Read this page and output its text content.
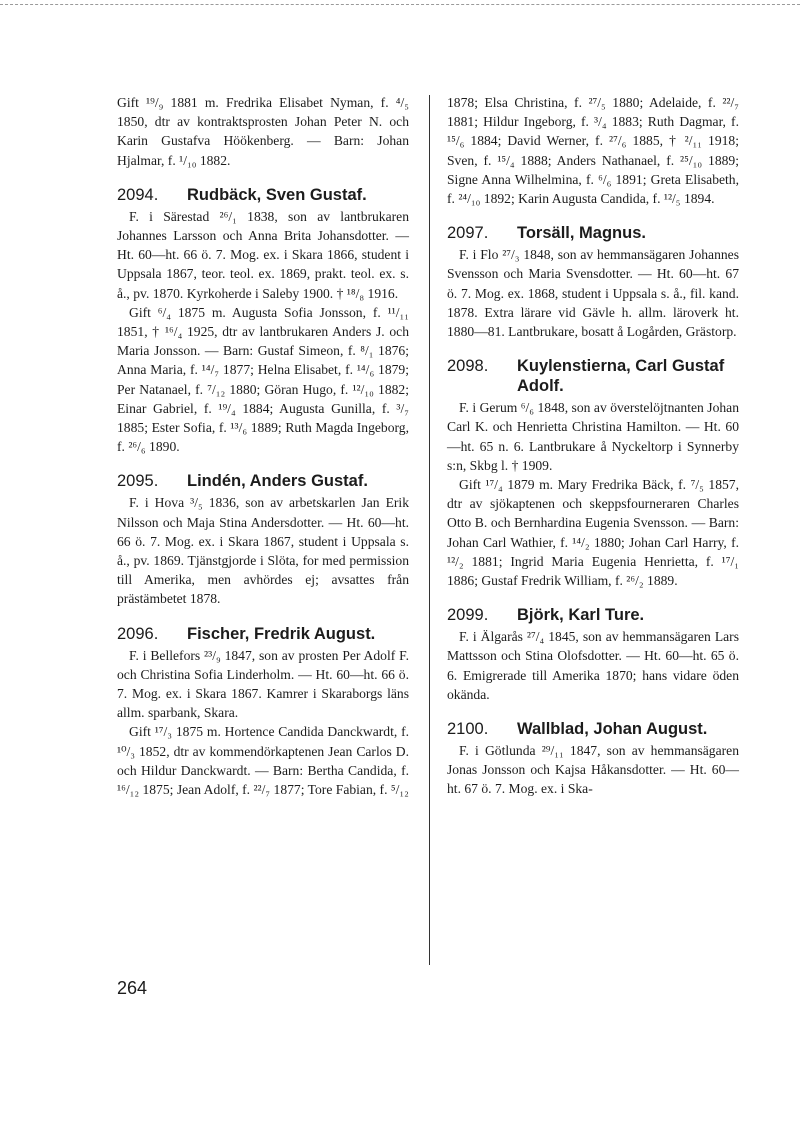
Gift ¹⁹/₉ 1881 m. Fredrika Elisabet Nyman, f. ⁴/₅ 1850, dtr av kontraktsprosten Johan Peter N. och Karin Gustafva Höökenberg. — Barn: Johan Hjalmar, f. ¹/₁₀ 1882.

2094.	Rudbäck, Sven Gustaf.

F. i Särestad ²⁶/₁ 1838, son av lantbrukaren Johannes Larsson och Anna Brita Johansdotter. — Ht. 60—ht. 66 ö. 7. Mog. ex. i Skara 1866, student i Uppsala 1867, teor. teol. ex. 1869, prakt. teol. ex. s. å., pv. 1870. Kyrkoherde i Saleby 1900. † ¹⁸/₈ 1916.

Gift ⁶/₄ 1875 m. Augusta Sofia Jonsson, f. ¹¹/₁₁ 1851, † ¹⁶/₄ 1925, dtr av lantbrukaren Anders J. och Maria Jonsson. — Barn: Gustaf Simeon, f. ⁸/₁ 1876; Anna Maria, f. ¹⁴/₇ 1877; Helna Elisabet, f. ¹⁴/₆ 1879; Per Natanael, f. ⁷/₁₂ 1880; Göran Hugo, f. ¹²/₁₀ 1882; Einar Gabriel, f. ¹⁹/₄ 1884; Augusta Gunilla, f. ³/₇ 1885; Ester Sofia, f. ¹³/₆ 1889; Ruth Magda Ingeborg, f. ²⁶/₆ 1890.

2095.	Lindén, Anders Gustaf.

F. i Hova ³/₅ 1836, son av arbetskarlen Jan Erik Nilsson och Maja Stina Andersdotter. — Ht. 60—ht. 66 ö. 7. Mog. ex. i Skara 1867, student i Uppsala s. å., pv. 1869. Tjänstgjorde i Slöta, for med permission till Amerika, men avhördes ej; avsattes från prästämbetet 1878.

2096.	Fischer, Fredrik August.

F. i Bellefors ²³/₉ 1847, son av prosten Per Adolf F. och Christina Sofia Linderholm. — Ht. 60—ht. 66 ö. 7. Mog. ex. i Skara 1867. Kamrer i Skaraborgs läns allm. sparbank, Skara.

Gift ¹⁷/₃ 1875 m. Hortence Candida Danckwardt, f. ¹⁰/₃ 1852, dtr av kommendörkaptenen Jean Carlos D. och Hildur Danckwardt. — Barn: Bertha Candida, f. ¹⁶/₁₂ 1875; Jean Adolf, f. ²²/₇ 1877; Tore Fabian, f. ⁵/₁₂

1878; Elsa Christina, f. ²⁷/₅ 1880; Adelaide, f. ²²/₇ 1881; Hildur Ingeborg, f. ³/₄ 1883; Ruth Dagmar, f. ¹⁵/₆ 1884; David Werner, f. ²⁷/₆ 1885, † ²/₁₁ 1918; Sven, f. ¹⁵/₄ 1888; Anders Nathanael, f. ²⁵/₁₀ 1889; Signe Anna Wilhelmina, f. ⁶/₆ 1891; Greta Elisabeth, f. ²⁴/₁₀ 1892; Karin Augusta Candida, f. ¹²/₅ 1894.

2097.	Torsäll, Magnus.

F. i Flo ²⁷/₃ 1848, son av hemmansägaren Johannes Svensson och Maria Svensdotter. — Ht. 60—ht. 67 ö. 7. Mog. ex. 1868, student i Uppsala s. å., fil. kand. 1878. Extra lärare vid Gävle h. allm. läroverk ht. 1880—81. Lantbrukare, bosatt å Logården, Grästorp.

2098.	Kuylenstierna, Carl Gustaf Adolf.

F. i Gerum ⁶/₆ 1848, son av överstelöjtnanten Johan Carl K. och Henrietta Christina Hamilton. — Ht. 60—ht. 65 n. 6. Lantbrukare å Nyckeltorp i Synnerby s:n, Skbg l. † 1909.

Gift ¹⁷/₄ 1879 m. Mary Fredrika Bäck, f. ⁷/₅ 1857, dtr av sjökaptenen och skeppsfourneraren Charles Otto B. och Bernhardina Eugenia Svensson. — Barn: Johan Carl Wathier, f. ¹⁴/₂ 1880; Johan Carl Harry, f. ¹²/₂ 1881; Ingrid Maria Eugenia Henrietta, f. ¹⁷/₁ 1886; Gustaf Fredrik William, f. ²⁶/₂ 1889.

2099.	Björk, Karl Ture.

F. i Älgarås ²⁷/₄ 1845, son av hemmansägaren Lars Mattsson och Stina Olofsdotter. — Ht. 60—ht. 65 ö. 6. Emigrerade till Amerika 1870; hans vidare öden okända.

2100.	Wallblad, Johan August.

F. i Götlunda ²⁹/₁₁ 1847, son av hemmansägaren Jonas Jonsson och Kajsa Håkansdotter. — Ht. 60—ht. 67 ö. 7. Mog. ex. i Ska-

264
